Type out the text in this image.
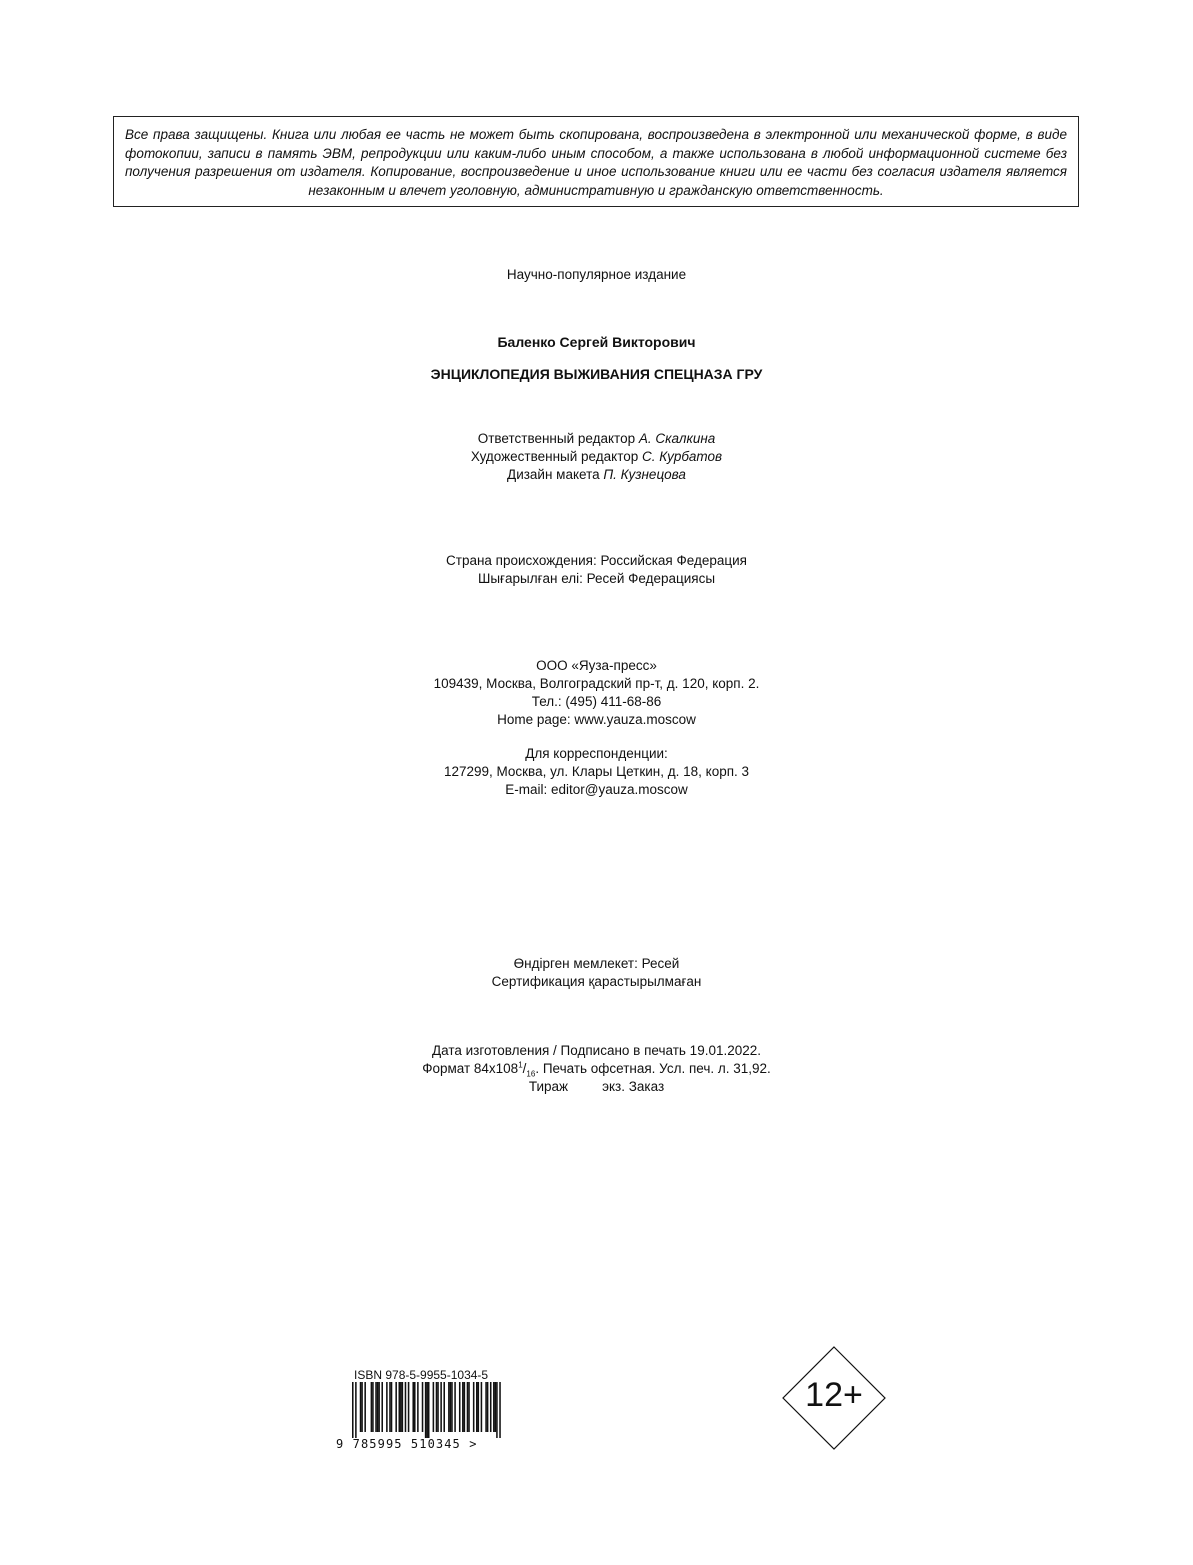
Все права защищены. Книга или любая ее часть не может быть скопирована, воспроизведена в электронной или механической форме, в виде фотокопии, записи в память ЭВМ, репродукции или каким-либо иным способом, а также использована в любой информационной системе без получения разрешения от издателя. Копирование, воспроизведение и иное использование книги или ее части без согласия издателя является незаконным и влечет уголовную, административную и гражданскую ответственность.
Научно-популярное издание
Баленко Сергей Викторович
ЭНЦИКЛОПЕДИЯ ВЫЖИВАНИЯ СПЕЦНАЗА ГРУ
Ответственный редактор А. Скалкина
Художественный редактор С. Курбатов
Дизайн макета П. Кузнецова
Страна происхождения: Российская Федерация
Шығарылған елі: Ресей Федерациясы
ООО «Яуза-пресс»
109439, Москва, Волгоградский пр-т, д. 120, корп. 2.
Тел.: (495) 411-68-86
Home page: www.yauza.moscow
Для корреспонденции:
127299, Москва, ул. Клары Цеткин, д. 18, корп. 3
E-mail: editor@yauza.moscow
Өндірген мемлекет: Ресей
Сертификация қарастырылмаған
Дата изготовления / Подписано в печать 19.01.2022.
Формат $84x108^1/_{16}$. Печать офсетная. Усл. печ. л. 31,92.
Тираж	экз. Заказ
ISBN 978-5-9955-1034-5
9 785995 510345 >
12+
